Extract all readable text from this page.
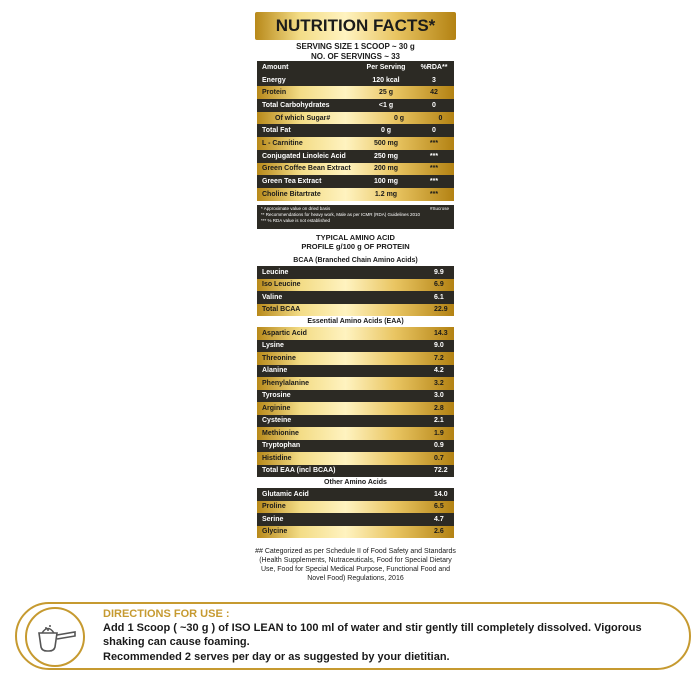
NUTRITION FACTS*
SERVING SIZE 1 SCOOP ~ 30 g
NO. OF SERVINGS ~ 33
Amount	Per Serving	%RDA**
Energy	120 kcal	3
Protein	25 g	42
Total Carbohydrates	<1 g	0
Of which Sugar#	0 g	0
Total Fat	0 g	0
L - Carnitine	500 mg	***
Conjugated Linoleic Acid	250 mg	***
Green Coffee Bean Extract	200 mg	***
Green Tea Extract	100 mg	***
Choline Bitartrate	1.2 mg	***
* Approximate value on dried basis
** Recommendations for heavy work, Male as per ICMR (RDA) Guidelines 2010
*** % RDA value is not established
#Sucrose
TYPICAL AMINO ACID
PROFILE g/100 g OF PROTEIN
BCAA (Branched Chain Amino Acids)
Leucine	9.9
Iso Leucine	6.9
Valine	6.1
Total BCAA	22.9
Essential Amino Acids (EAA)
Aspartic Acid	14.3
Lysine	9.0
Threonine	7.2
Alanine	4.2
Phenylalanine	3.2
Tyrosine	3.0
Arginine	2.8
Cysteine	2.1
Methionine	1.9
Tryptophan	0.9
Histidine	0.7
Total EAA (incl BCAA)	72.2
Other Amino Acids
Glutamic Acid	14.0
Proline	6.5
Serine	4.7
Glycine	2.6
## Categorized as per Schedule II of Food Safety and Standards (Health Supplements, Nutraceuticals, Food for Special Dietary Use, Food for Special Medical Purpose, Functional Food and Novel Food) Regulations, 2016
DIRECTIONS FOR USE :
Add 1 Scoop ( ~30 g ) of ISO LEAN to 100 ml of water and stir gently till completely dissolved. Vigorous
shaking can cause foaming.
Recommended 2 serves per day or as suggested by your dietitian.
